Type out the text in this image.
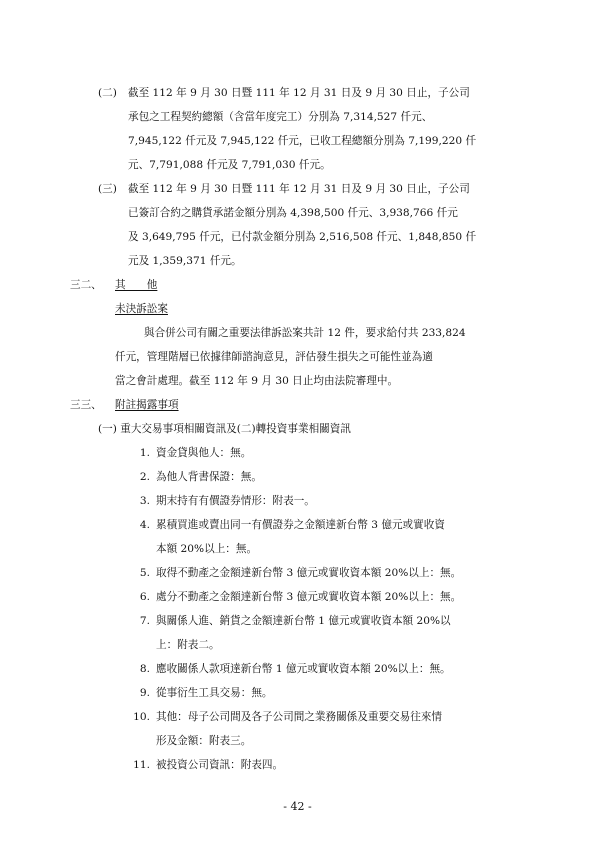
(二) 截至 112 年 9 月 30 日暨 111 年 12 月 31 日及 9 月 30 日止，子公司
承包之工程契約總額（含當年度完工）分別為 7,314,527 仟元、
7,945,122 仟元及 7,945,122 仟元，已收工程總額分別為 7,199,220 仟
元、7,791,088 仟元及 7,791,030 仟元。
(三) 截至 112 年 9 月 30 日暨 111 年 12 月 31 日及 9 月 30 日止，子公司
已簽訂合約之購貨承諾金額分別為 4,398,500 仟元、3,938,766 仟元
及 3,649,795 仟元，已付款金額分別為 2,516,508 仟元、1,848,850 仟
元及 1,359,371 仟元。
三二、 其　　他
未決訴訟案
與合併公司有關之重要法律訴訟案共計 12 件，要求給付共 233,824
仟元，管理階層已依據律師諮詢意見，評估發生損失之可能性並為適
當之會計處理。截至 112 年 9 月 30 日止均由法院審理中。
三三、 附註揭露事項
(一) 重大交易事項相關資訊及(二)轉投資事業相關資訊
1. 資金貸與他人：無。
2. 為他人背書保證：無。
3. 期末持有有價證券情形：附表一。
4. 累積買進或賣出同一有價證券之金額達新台幣 3 億元或實收資
本額 20%以上：無。
5. 取得不動產之金額達新台幣 3 億元或實收資本額 20%以上：無。
6. 處分不動產之金額達新台幣 3 億元或實收資本額 20%以上：無。
7. 與關係人進、銷貨之金額達新台幣 1 億元或實收資本額 20%以
上：附表二。
8. 應收關係人款項達新台幣 1 億元或實收資本額 20%以上：無。
9. 從事衍生工具交易：無。
10. 其他：母子公司間及各子公司間之業務關係及重要交易往來情
形及金額：附表三。
11. 被投資公司資訊：附表四。
- 42 -
